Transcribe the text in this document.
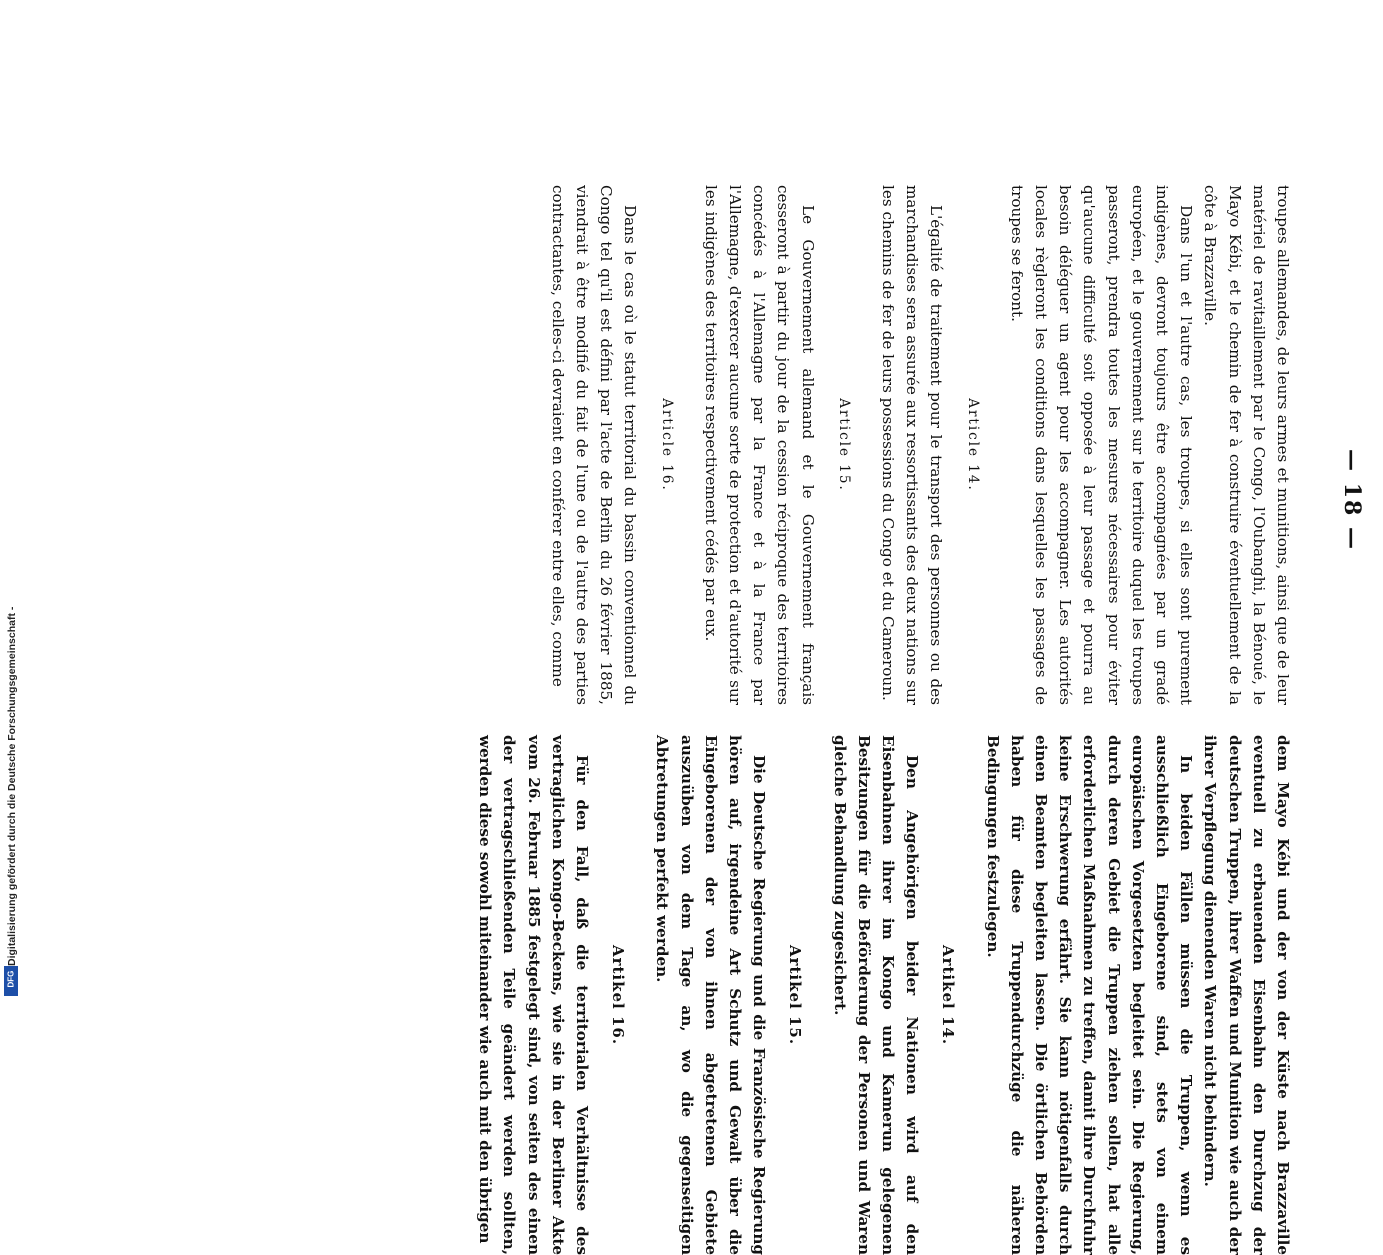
Digitalisierung gefördert durch die Deutsche Forschungsgemeinschaft -
DFG
— 18 —

troupes allemandes, de leurs armes et munitions, ainsi que de leur matériel de ravitaillement par le Congo, l'Oubanghi, la Bénoué, le Mayo Kébi, et le chemin de fer à construire éventuellement de la côte à Brazzaville.

Dans l'un et l'autre cas, les troupes, si elles sont purement indigènes, devront toujours être accompagnées par un gradé européen, et le gouvernement sur le territoire duquel les troupes passeront, prendra toutes les mesures nécessaires pour éviter qu'aucune difficulté soit opposée à leur passage et pourra au besoin déléguer un agent pour les accompagner. Les autorités locales règleront les conditions dans lesquelles les passages de troupes se feront.

Article 14.

L'égalité de traitement pour le transport des personnes ou des marchandises sera assurée aux ressortissants des deux nations sur les chemins de fer de leurs possessions du Congo et du Cameroun.

Article 15.

Le Gouvernement allemand et le Gouvernement français cesseront à partir du jour de la cession réciproque des territoires concédés à l'Allemagne par la France et à la France par l'Allemagne, d'exercer aucune sorte de protection et d'autorité sur les indigènes des territoires respectivement cédés par eux.

Article 16.

Dans le cas où le statut territorial du bassin conventionnel du Congo tel qu'il est défini par l'acte de Berlin du 26 février 1885, viendrait à être modifié du fait de l'une ou de l'autre des parties contractantes, celles-ci devraient en conférer entre elles, comme

dem Mayo Kébi und der von der Küste nach Brazzaville eventuell zu erbauenden Eisenbahn den Durchzug der deutschen Truppen, ihrer Waffen und Munition wie auch der ihrer Verpflegung dienenden Waren nicht behindern.

In beiden Fällen müssen die Truppen, wenn es ausschließlich Eingeborene sind, stets von einem europäischen Vorgesetzten begleitet sein. Die Regierung, durch deren Gebiet die Truppen ziehen sollen, hat alle erforderlichen Maßnahmen zu treffen, damit ihre Durchfuhr keine Erschwerung erfährt. Sie kann nötigenfalls durch einen Beamten begleiten lassen. Die örtlichen Behörden haben für diese Truppendurchzüge die näheren Bedingungen festzulegen.

Artikel 14.

Den Angehörigen beider Nationen wird auf den Eisenbahnen ihrer im Kongo und Kamerun gelegenen Besitzungen für die Beförderung der Personen und Waren gleiche Behandlung zugesichert.

Artikel 15.

Die Deutsche Regierung und die Französische Regierung hören auf, irgendeine Art Schutz und Gewalt über die Eingeborenen der von ihnen abgetretenen Gebiete auszuüben von dem Tage an, wo die gegenseitigen Abtretungen perfekt werden.

Artikel 16.

Für den Fall, daß die territorialen Verhältnisse des vertraglichen Kongo-Beckens, wie sie in der Berliner Akte vom 26. Februar 1885 festgelegt sind, von seiten des einen der vertragschließenden Teile geändert werden sollten, werden diese sowohl miteinander wie auch mit den übrigen
